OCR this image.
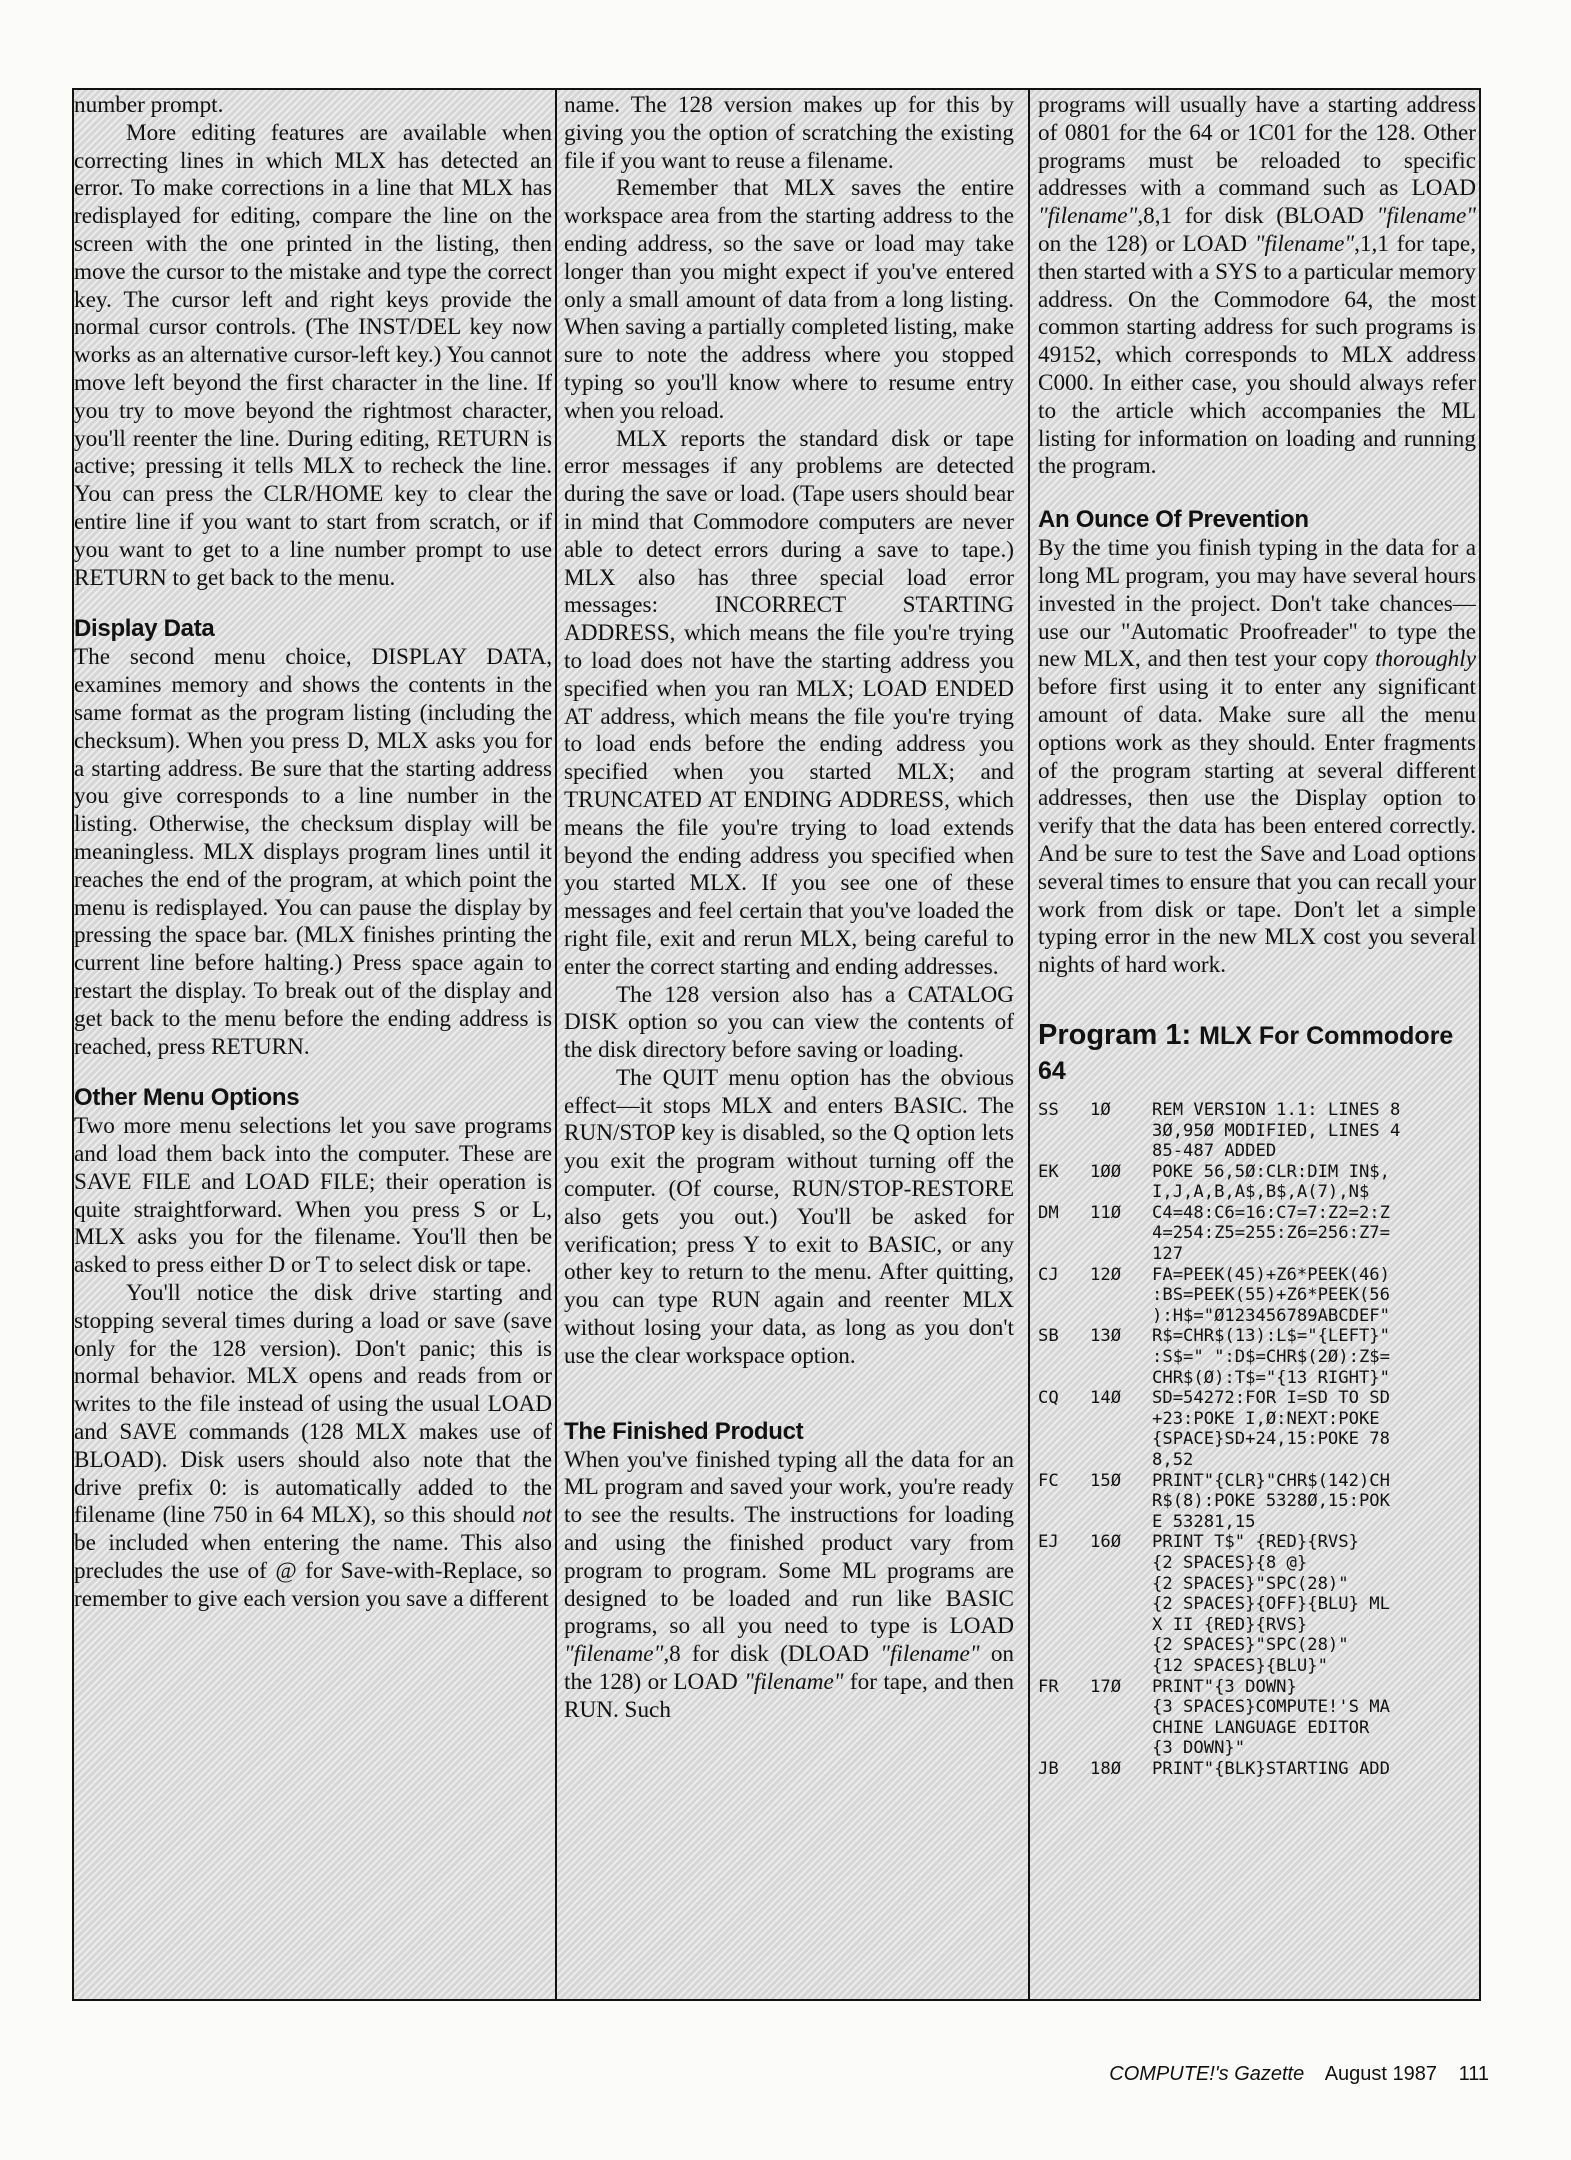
number prompt.

More editing features are available when correcting lines in which MLX has detected an error. To make corrections in a line that MLX has redisplayed for editing, compare the line on the screen with the one printed in the listing, then move the cursor to the mistake and type the correct key. The cursor left and right keys provide the normal cursor controls. (The INST/DEL key now works as an alternative cursor-left key.) You cannot move left beyond the first character in the line. If you try to move beyond the rightmost character, you'll reenter the line. During editing, RETURN is active; pressing it tells MLX to recheck the line. You can press the CLR/HOME key to clear the entire line if you want to start from scratch, or if you want to get to a line number prompt to use RETURN to get back to the menu.

Display Data

The second menu choice, DISPLAY DATA, examines memory and shows the contents in the same format as the program listing (including the checksum). When you press D, MLX asks you for a starting address. Be sure that the starting address you give corresponds to a line number in the listing. Otherwise, the checksum display will be meaningless. MLX displays program lines until it reaches the end of the program, at which point the menu is redisplayed. You can pause the display by pressing the space bar. (MLX finishes printing the current line before halting.) Press space again to restart the display. To break out of the display and get back to the menu before the ending address is reached, press RETURN.

Other Menu Options

Two more menu selections let you save programs and load them back into the computer. These are SAVE FILE and LOAD FILE; their operation is quite straightforward. When you press S or L, MLX asks you for the filename. You'll then be asked to press either D or T to select disk or tape.

You'll notice the disk drive starting and stopping several times during a load or save (save only for the 128 version). Don't panic; this is normal behavior. MLX opens and reads from or writes to the file instead of using the usual LOAD and SAVE commands (128 MLX makes use of BLOAD). Disk users should also note that the drive prefix 0: is automatically added to the filename (line 750 in 64 MLX), so this should not be included when entering the name. This also precludes the use of @ for Save-with-Replace, so remember to give each version you save a different

name. The 128 version makes up for this by giving you the option of scratching the existing file if you want to reuse a filename.

Remember that MLX saves the entire workspace area from the starting address to the ending address, so the save or load may take longer than you might expect if you've entered only a small amount of data from a long listing. When saving a partially completed listing, make sure to note the address where you stopped typing so you'll know where to resume entry when you reload.

MLX reports the standard disk or tape error messages if any problems are detected during the save or load. (Tape users should bear in mind that Commodore computers are never able to detect errors during a save to tape.) MLX also has three special load error messages: INCORRECT STARTING ADDRESS, which means the file you're trying to load does not have the starting address you specified when you ran MLX; LOAD ENDED AT address, which means the file you're trying to load ends before the ending address you specified when you started MLX; and TRUNCATED AT ENDING ADDRESS, which means the file you're trying to load extends beyond the ending address you specified when you started MLX. If you see one of these messages and feel certain that you've loaded the right file, exit and rerun MLX, being careful to enter the correct starting and ending addresses.

The 128 version also has a CATALOG DISK option so you can view the contents of the disk directory before saving or loading.

The QUIT menu option has the obvious effect—it stops MLX and enters BASIC. The RUN/STOP key is disabled, so the Q option lets you exit the program without turning off the computer. (Of course, RUN/STOP-RESTORE also gets you out.) You'll be asked for verification; press Y to exit to BASIC, or any other key to return to the menu. After quitting, you can type RUN again and reenter MLX without losing your data, as long as you don't use the clear workspace option.

The Finished Product

When you've finished typing all the data for an ML program and saved your work, you're ready to see the results. The instructions for loading and using the finished product vary from program to program. Some ML programs are designed to be loaded and run like BASIC programs, so all you need to type is LOAD "filename",8 for disk (DLOAD "filename" on the 128) or LOAD "filename" for tape, and then RUN. Such

programs will usually have a starting address of 0801 for the 64 or 1C01 for the 128. Other programs must be reloaded to specific addresses with a command such as LOAD "filename",8,1 for disk (BLOAD "filename" on the 128) or LOAD "filename",1,1 for tape, then started with a SYS to a particular memory address. On the Commodore 64, the most common starting address for such programs is 49152, which corresponds to MLX address C000. In either case, you should always refer to the article which accompanies the ML listing for information on loading and running the program.

An Ounce Of Prevention

By the time you finish typing in the data for a long ML program, you may have several hours invested in the project. Don't take chances—use our "Automatic Proofreader" to type the new MLX, and then test your copy thoroughly before first using it to enter any significant amount of data. Make sure all the menu options work as they should. Enter fragments of the program starting at several different addresses, then use the Display option to verify that the data has been entered correctly. And be sure to test the Save and Load options several times to ensure that you can recall your work from disk or tape. Don't let a simple typing error in the new MLX cost you several nights of hard work.

Program 1: MLX For Commodore 64
SS	1Ø	REM VERSION 1.1: LINES 8
3Ø,95Ø MODIFIED, LINES 4
85-487 ADDED
EK	1ØØ	POKE 56,5Ø:CLR:DIM IN$,
I,J,A,B,A$,B$,A(7),N$
DM	11Ø	C4=48:C6=16:C7=7:Z2=2:Z
4=254:Z5=255:Z6=256:Z7=
127
CJ	12Ø	FA=PEEK(45)+Z6*PEEK(46)
:BS=PEEK(55)+Z6*PEEK(56
):H$="Ø123456789ABCDEF"
SB	13Ø	R$=CHR$(13):L$="{LEFT}"
:S$=" ":D$=CHR$(2Ø):Z$=
CHR$(Ø):T$="{13 RIGHT}"
CQ	14Ø	SD=54272:FOR I=SD TO SD
+23:POKE I,Ø:NEXT:POKE
{SPACE}SD+24,15:POKE 78
8,52
FC	15Ø	PRINT"{CLR}"CHR$(142)CH
R$(8):POKE 5328Ø,15:POK
E 53281,15
EJ	16Ø	PRINT T$" {RED}{RVS}
{2 SPACES}{8 @}
{2 SPACES}"SPC(28)"
{2 SPACES}{OFF}{BLU} ML
X II {RED}{RVS}
{2 SPACES}"SPC(28)"
{12 SPACES}{BLU}"
FR	17Ø	PRINT"{3 DOWN}
{3 SPACES}COMPUTE!'S MA
CHINE LANGUAGE EDITOR
{3 DOWN}"
JB	18Ø	PRINT"{BLK}STARTING ADD
COMPUTE!'s Gazette August 1987 111
